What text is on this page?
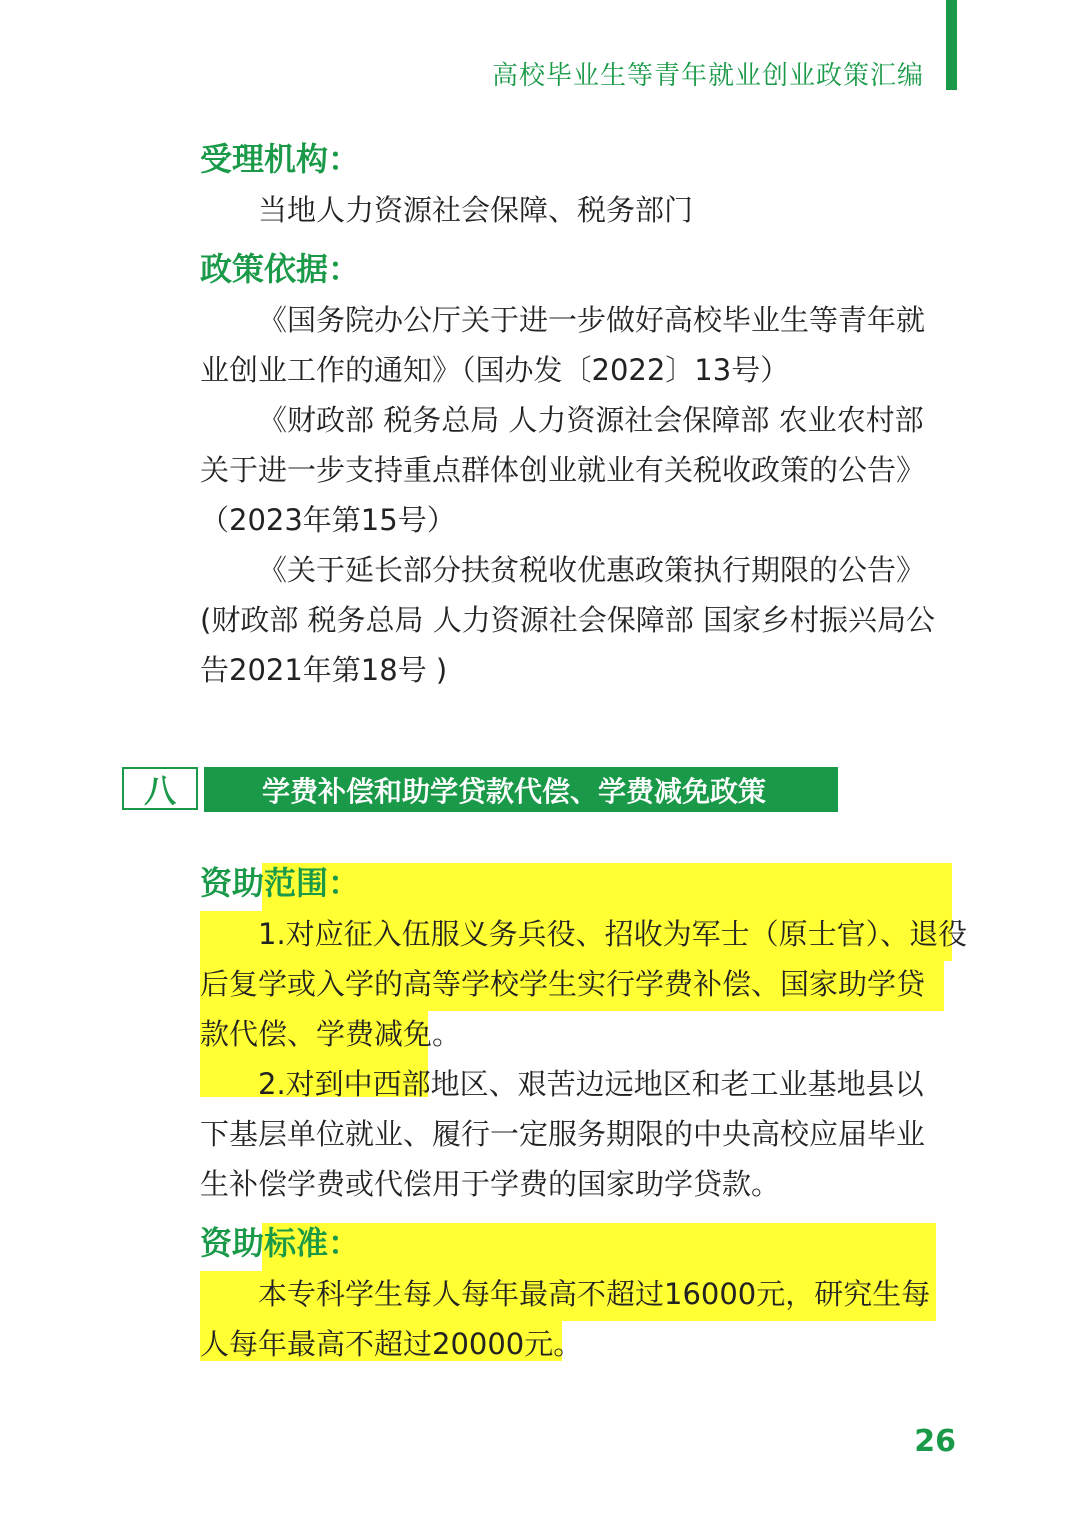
高校毕业生等青年就业创业政策汇编
受理机构：
当地人力资源社会保障、税务部门
政策依据：
《国务院办公厅关于进一步做好高校毕业生等青年就
业创业工作的通知》（国办发〔2022〕13号）
《财政部 税务总局 人力资源社会保障部 农业农村部
关于进一步支持重点群体创业就业有关税收政策的公告》
（2023年第15号）
《关于延长部分扶贫税收优惠政策执行期限的公告》
(财政部 税务总局 人力资源社会保障部 国家乡村振兴局公
告2021年第18号 )
八	学费补偿和助学贷款代偿、学费减免政策
资助范围：
1.对应征入伍服义务兵役、招收为军士（原士官）、退役
后复学或入学的高等学校学生实行学费补偿、国家助学贷
款代偿、学费减免。
2.对到中西部地区、艰苦边远地区和老工业基地县以
下基层单位就业、履行一定服务期限的中央高校应届毕业
生补偿学费或代偿用于学费的国家助学贷款。
资助标准：
本专科学生每人每年最高不超过16000元，研究生每
人每年最高不超过20000元。
26
